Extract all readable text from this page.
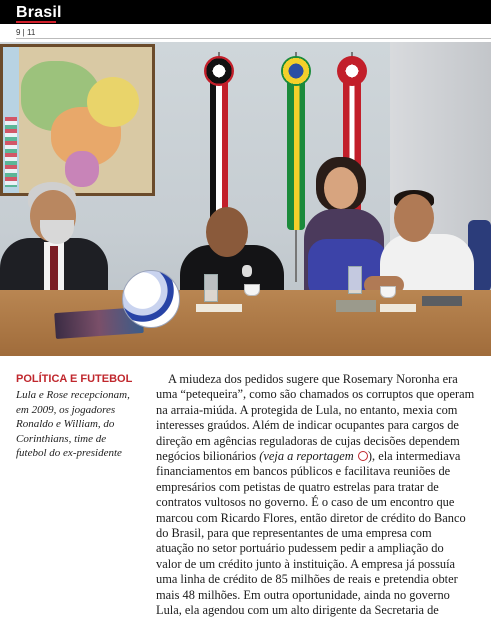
Brasil
9 | 11
POLÍTICA E FUTEBOL
Lula e Rose recepcionam,
em 2009, os jogadores
Ronaldo e William, do
Corinthians, time de
futebol do ex-presidente
A miudeza dos pedidos sugere que Rosemary Noronha era
uma “petequeira”, como são chamados os corruptos que operam
na arraia-miúda. A protegida de Lula, no entanto, mexia com
interesses graúdos. Além de indicar ocupantes para cargos de
direção em agências reguladoras de cujas decisões dependem
negócios bilionários (veja a reportagem ), ela intermediava
financiamentos em bancos públicos e facilitava reuniões de
empresários com petistas de quatro estrelas para tratar de
contratos vultosos no governo. É o caso de um encontro que
marcou com Ricardo Flores, então diretor de crédito do Banco
do Brasil, para que representantes de uma empresa com
atuação no setor portuário pudessem pedir a ampliação do
valor de um crédito junto à instituição. A empresa já possuía
uma linha de crédito de 85 milhões de reais e pretendia obter
mais 48 milhões. Em outra oportunidade, ainda no governo
Lula, ela agendou com um alto dirigente da Secretaria de
